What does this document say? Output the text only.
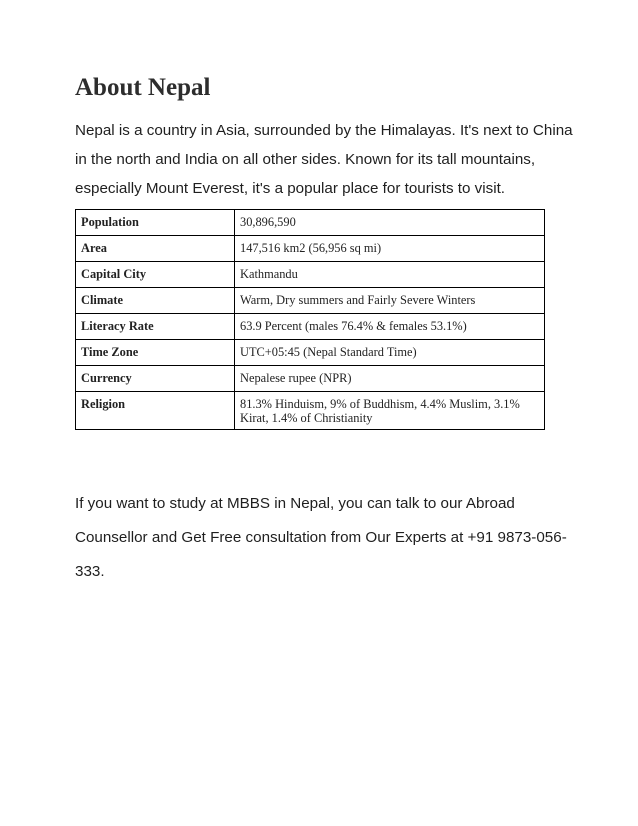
About Nepal

Nepal is a country in Asia, surrounded by the Himalayas. It's next to China in the north and India on all other sides. Known for its tall mountains, especially Mount Everest, it's a popular place for tourists to visit.

Population	30,896,590
Area	147,516 km2 (56,956 sq mi)
Capital City	Kathmandu
Climate	Warm, Dry summers and Fairly Severe Winters
Literacy Rate	63.9 Percent (males 76.4% & females 53.1%)
Time Zone	UTC+05:45 (Nepal Standard Time)
Currency	Nepalese rupee (NPR)
Religion	81.3% Hinduism, 9% of Buddhism, 4.4% Muslim, 3.1% Kirat, 1.4% of Christianity

If you want to study at MBBS in Nepal, you can talk to our Abroad Counsellor and Get Free consultation from Our Experts at +91 9873-056-333.
